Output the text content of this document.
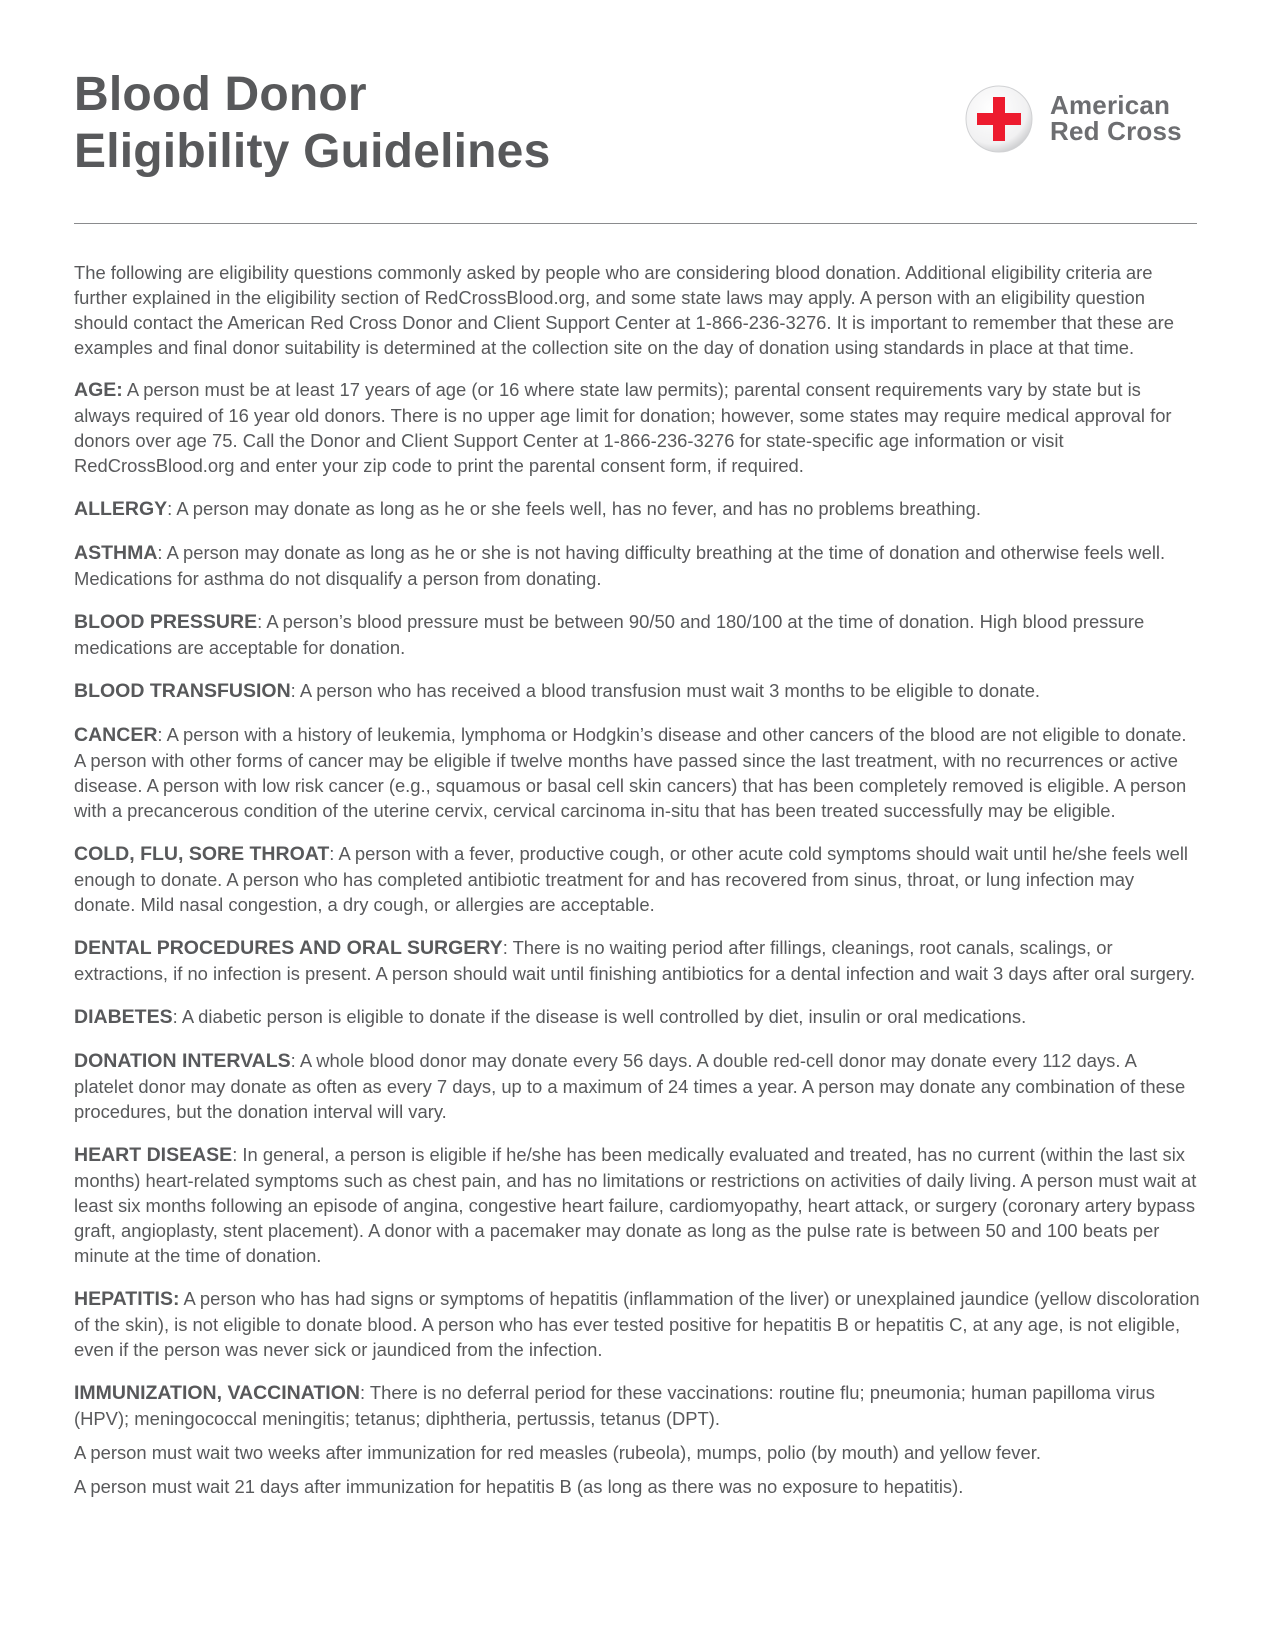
Blood Donor
Eligibility Guidelines
American
Red Cross

The following are eligibility questions commonly asked by people who are considering blood donation. Additional eligibility criteria are further explained in the eligibility section of RedCrossBlood.org, and some state laws may apply. A person with an eligibility question should contact the American Red Cross Donor and Client Support Center at 1-866-236-3276. It is important to remember that these are examples and final donor suitability is determined at the collection site on the day of donation using standards in place at that time.

AGE: A person must be at least 17 years of age (or 16 where state law permits); parental consent requirements vary by state but is always required of 16 year old donors. There is no upper age limit for donation; however, some states may require medical approval for donors over age 75. Call the Donor and Client Support Center at 1-866-236-3276 for state-specific age information or visit RedCrossBlood.org and enter your zip code to print the parental consent form, if required.

ALLERGY: A person may donate as long as he or she feels well, has no fever, and has no problems breathing.

ASTHMA: A person may donate as long as he or she is not having difficulty breathing at the time of donation and otherwise feels well. Medications for asthma do not disqualify a person from donating.

BLOOD PRESSURE: A person’s blood pressure must be between 90/50 and 180/100 at the time of donation. High blood pressure medications are acceptable for donation.

BLOOD TRANSFUSION: A person who has received a blood transfusion must wait 3 months to be eligible to donate.

CANCER: A person with a history of leukemia, lymphoma or Hodgkin’s disease and other cancers of the blood are not eligible to donate. A person with other forms of cancer may be eligible if twelve months have passed since the last treatment, with no recurrences or active disease. A person with low risk cancer (e.g., squamous or basal cell skin cancers) that has been completely removed is eligible. A person with a precancerous condition of the uterine cervix, cervical carcinoma in-situ that has been treated successfully may be eligible.

COLD, FLU, SORE THROAT: A person with a fever, productive cough, or other acute cold symptoms should wait until he/she feels well enough to donate. A person who has completed antibiotic treatment for and has recovered from sinus, throat, or lung infection may donate. Mild nasal congestion, a dry cough, or allergies are acceptable.

DENTAL PROCEDURES AND ORAL SURGERY: There is no waiting period after fillings, cleanings, root canals, scalings, or extractions, if no infection is present. A person should wait until finishing antibiotics for a dental infection and wait 3 days after oral surgery.

DIABETES: A diabetic person is eligible to donate if the disease is well controlled by diet, insulin or oral medications.

DONATION INTERVALS: A whole blood donor may donate every 56 days. A double red-cell donor may donate every 112 days. A platelet donor may donate as often as every 7 days, up to a maximum of 24 times a year. A person may donate any combination of these procedures, but the donation interval will vary.

HEART DISEASE: In general, a person is eligible if he/she has been medically evaluated and treated, has no current (within the last six months) heart-related symptoms such as chest pain, and has no limitations or restrictions on activities of daily living. A person must wait at least six months following an episode of angina, congestive heart failure, cardiomyopathy, heart attack, or surgery (coronary artery bypass graft, angioplasty, stent placement). A donor with a pacemaker may donate as long as the pulse rate is between 50 and 100 beats per minute at the time of donation.

HEPATITIS: A person who has had signs or symptoms of hepatitis (inflammation of the liver) or unexplained jaundice (yellow discoloration of the skin), is not eligible to donate blood. A person who has ever tested positive for hepatitis B or hepatitis C, at any age, is not eligible, even if the person was never sick or jaundiced from the infection.

IMMUNIZATION, VACCINATION: There is no deferral period for these vaccinations: routine flu; pneumonia; human papilloma virus (HPV); meningococcal meningitis; tetanus; diphtheria, pertussis, tetanus (DPT).

A person must wait two weeks after immunization for red measles (rubeola), mumps, polio (by mouth) and yellow fever.

A person must wait 21 days after immunization for hepatitis B (as long as there was no exposure to hepatitis).
